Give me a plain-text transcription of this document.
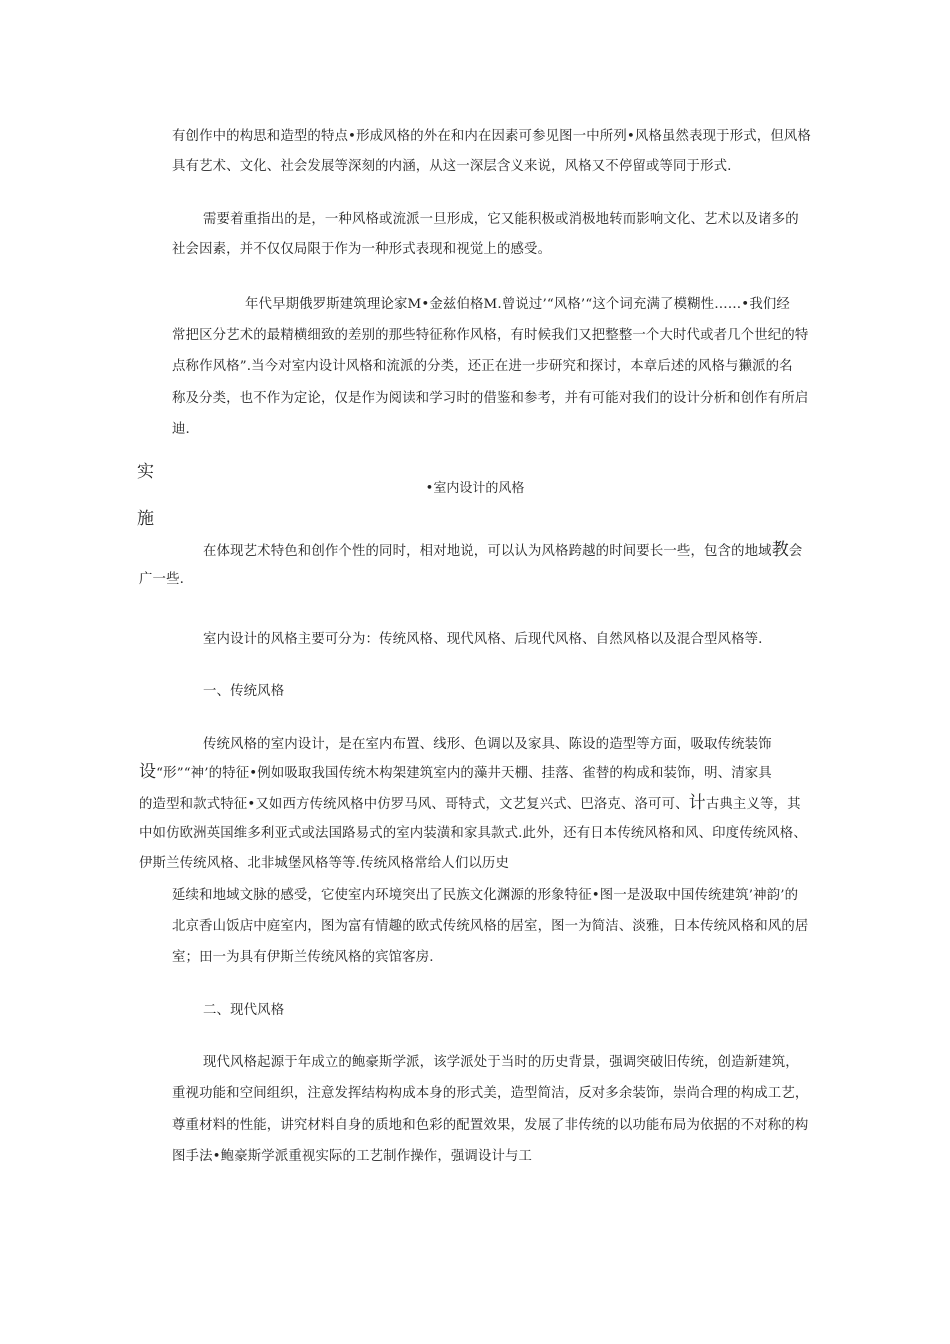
有创作中的构思和造型的特点•形成风格的外在和内在因素可参见图一中所列•风格虽然表现于形式，但风格
具有艺术、文化、社会发展等深刻的内涵，从这一深层含义来说，风格又不停留或等同于形式.
需要着重指出的是，一种风格或流派一旦形成，它又能积极或消极地转而影响文化、艺术以及诸多的
社会因素，并不仅仅局限于作为一种形式表现和视觉上的感受。
年代早期俄罗斯建筑理论家M•金兹伯格M.曾说过’“风格’“这个词充满了模糊性……•我们经
常把区分艺术的最精横细致的差别的那些特征称作风格，有时候我们又把整整一个大时代或者几个世纪的特
点称作风格”.当今对室内设计风格和流派的分类，还正在进一步研究和探讨，本章后述的风格与獭派的名
称及分类，也不作为定论，仅是作为阅读和学习时的借鉴和参考，并有可能对我们的设计分析和创作有所启
迪.
实
•室内设计的风格
施
在体现艺术特色和创作个性的同时，相对地说，可以认为风格跨越的时间要长一些，包含的地域教会
广一些.
室内设计的风格主要可分为：传统风格、现代风格、后现代风格、自然风格以及混合型风格等.
一、传统风格
传统风格的室内设计，是在室内布置、线形、色调以及家具、陈设的造型等方面，吸取传统装饰
设“形”“神’的特征•例如吸取我国传统木构架建筑室内的藻井天棚、挂落、雀替的构成和装饰，明、清家具
的造型和款式特征•又如西方传统风格中仿罗马风、哥特式，文艺复兴式、巴洛克、洛可可、计古典主义等，其
中如仿欧洲英国维多利亚式或法国路易式的室内装潢和家具款式.此外，还有日本传统风格和风、印度传统风格、
伊斯兰传统风格、北非城堡风格等等.传统风格常给人们以历史
延续和地域文脉的感受，它使室内环境突出了民族文化渊源的形象特征•图一是汲取中国传统建筑’神韵’的
北京香山饭店中庭室内，图为富有情趣的欧式传统风格的居室，图一为简洁、淡雅，日本传统风格和风的居
室；田一为具有伊斯兰传统风格的宾馆客房.
二、现代风格
现代风格起源于年成立的鲍豪斯学派，该学派处于当时的历史背景，强调突破旧传统，创造新建筑，
重视功能和空间组织，注意发挥结构构成本身的形式美，造型简洁，反对多余装饰，崇尚合理的构成工艺，
尊重材料的性能，讲究材料自身的质地和色彩的配置效果，发展了非传统的以功能布局为依据的不对称的构
图手法•鲍豪斯学派重视实际的工艺制作操作，强调设计与工
